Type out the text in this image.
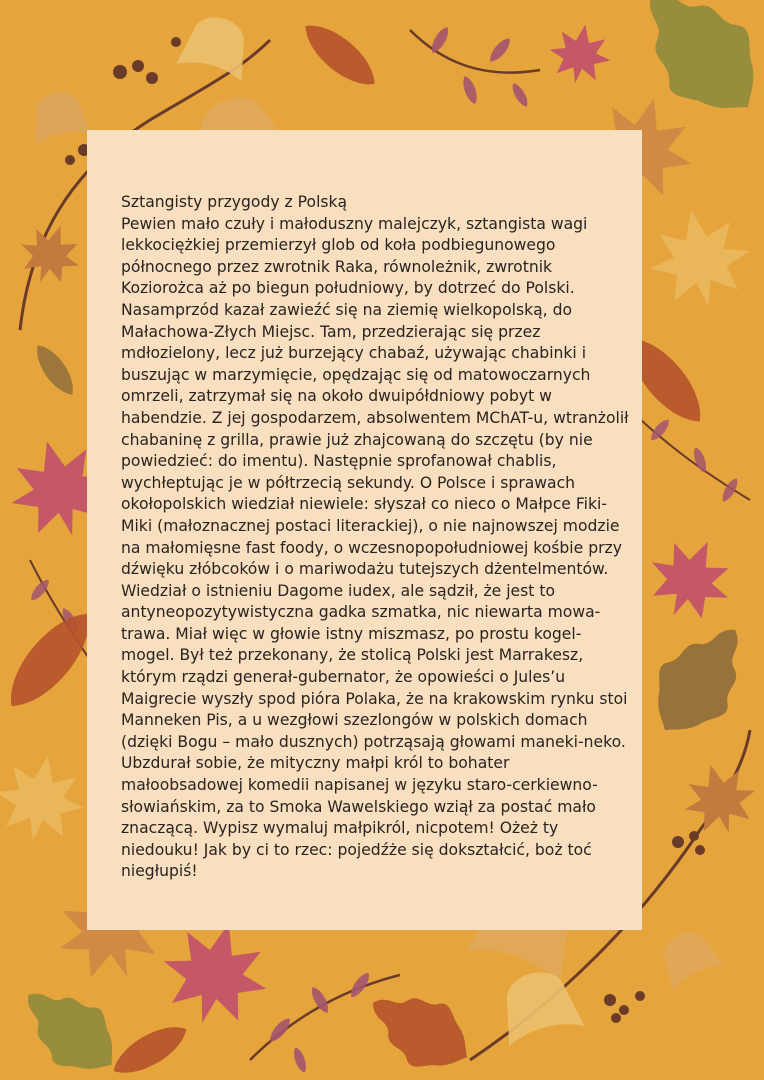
Sztangisty przygody z Polską

Pewien mało czuły i małoduszny malejczyk, sztangista wagi lekkociężkiej przemierzył glob od koła podbiegunowego północnego przez zwrotnik Raka, równoleżnik, zwrotnik Koziorożca aż po biegun południowy, by dotrzeć do Polski. Nasamprzód kazał zawieźć się na ziemię wielkopolską, do Małachowa-Złych Miejsc. Tam, przedzierając się przez mdłozielony, lecz już burzejący chabaź, używając chabinki i buszując w marzymięcie, opędzając się od matowoczarnych omrzeli, zatrzymał się na około dwuipółdniowy pobyt w habendzie. Z jej gospodarzem, absolwentem MChAT-u, wtranżolił chabaninę z grilla, prawie już zhajcowaną do szczętu (by nie powiedzieć: do imentu). Następnie sprofanował chablis, wychłeptując je w półtrzecią sekundy. O Polsce i sprawach okołopolskich wiedział niewiele: słyszał co nieco o Małpce Fiki-Miki (małoznacznej postaci literackiej), o nie najnowszej modzie na małomięsne fast foody, o wczesnopopołudniowej kośbie przy dźwięku złóbcoków i o mariwodażu tutejszych dżentelmentów. Wiedział o istnieniu Dagome iudex, ale sądził, że jest to antyneopozytywistyczna gadka szmatka, nic niewarta mowa-trawa. Miał więc w głowie istny miszmasz, po prostu kogel-mogel. Był też przekonany, że stolicą Polski jest Marrakesz, którym rządzi generał-gubernator, że opowieści o Jules’u Maigrecie wyszły spod pióra Polaka, że na krakowskim rynku stoi Manneken Pis, a u wezgłowi szezlongów w polskich domach (dzięki Bogu – mało dusznych) potrząsają głowami maneki-neko. Ubzdurał sobie, że mityczny małpi król to bohater małoobsadowej komedii napisanej w języku staro-cerkiewno-słowiańskim, za to Smoka Wawelskiego wziął za postać mało znaczącą. Wypisz wymaluj małpikról, nicpotem! Ożeż ty niedouku! Jak by ci to rzec: pojedźże się dokształcić, boż toć niegłupiś!
